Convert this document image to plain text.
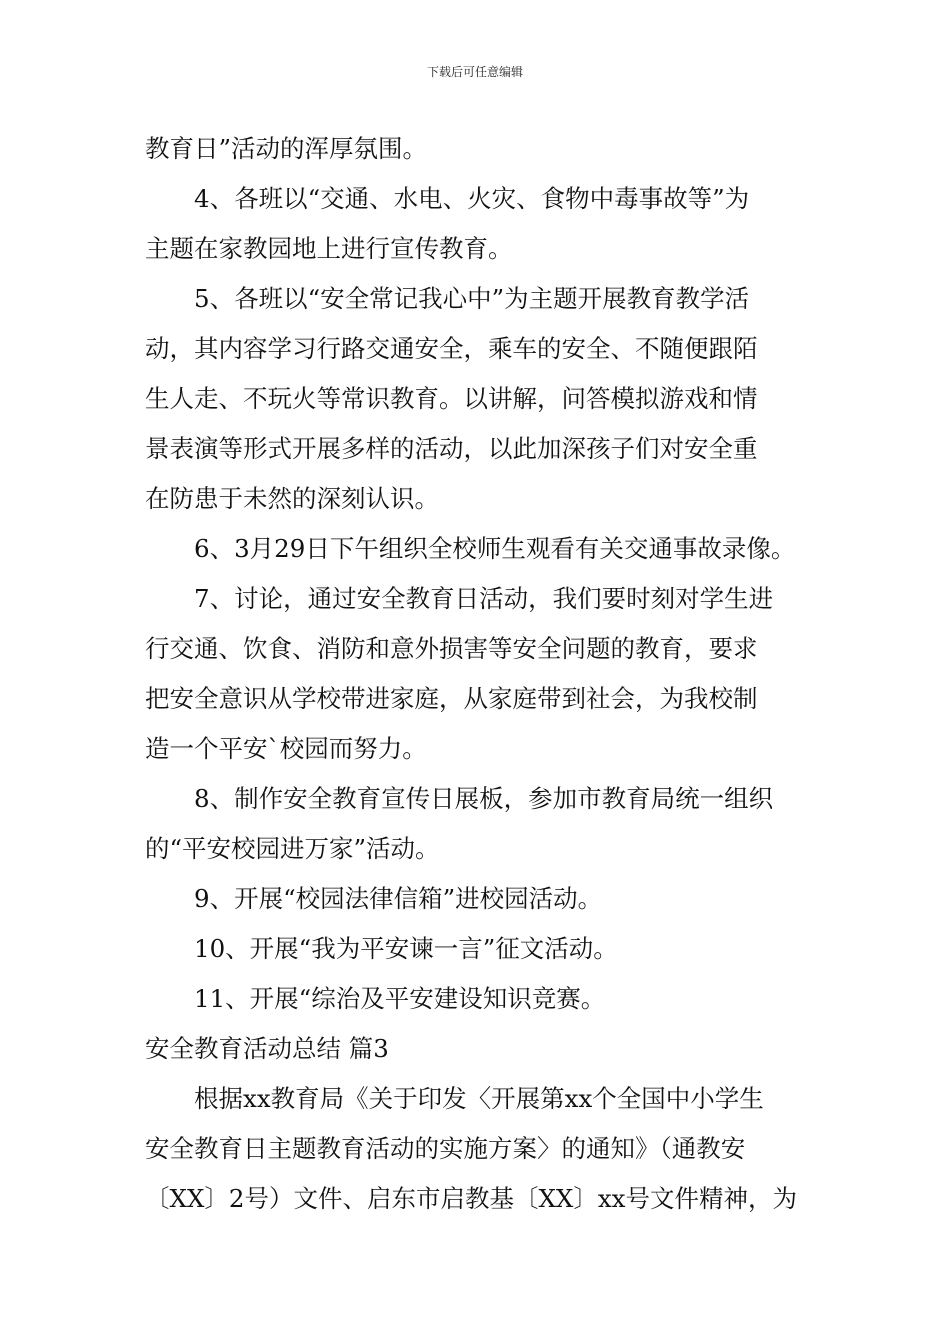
下载后可任意编辑
教育日”活动的浑厚氛围。
4、各班以“交通、水电、火灾、食物中毒事故等”为
主题在家教园地上进行宣传教育。
5、各班以“安全常记我心中”为主题开展教育教学活
动，其内容学习行路交通安全，乘车的安全、不随便跟陌
生人走、不玩火等常识教育。以讲解，问答模拟游戏和情
景表演等形式开展多样的活动，以此加深孩子们对安全重
在防患于未然的深刻认识。
6、3月29日下午组织全校师生观看有关交通事故录像。
7、讨论，通过安全教育日活动，我们要时刻对学生进
行交通、饮食、消防和意外损害等安全问题的教育，要求
把安全意识从学校带进家庭，从家庭带到社会，为我校制
造一个平安`校园而努力。
8、制作安全教育宣传日展板，参加市教育局统一组织
的“平安校园进万家”活动。
9、开展“校园法律信箱”进校园活动。
10、开展“我为平安谏一言”征文活动。
11、开展“综治及平安建设知识竞赛。
安全教育活动总结 篇3
根据xx教育局《关于印发〈开展第xx个全国中小学生
安全教育日主题教育活动的实施方案〉的通知》（通教安
〔XX〕2号）文件、启东市启教基〔XX〕xx号文件精神，为
